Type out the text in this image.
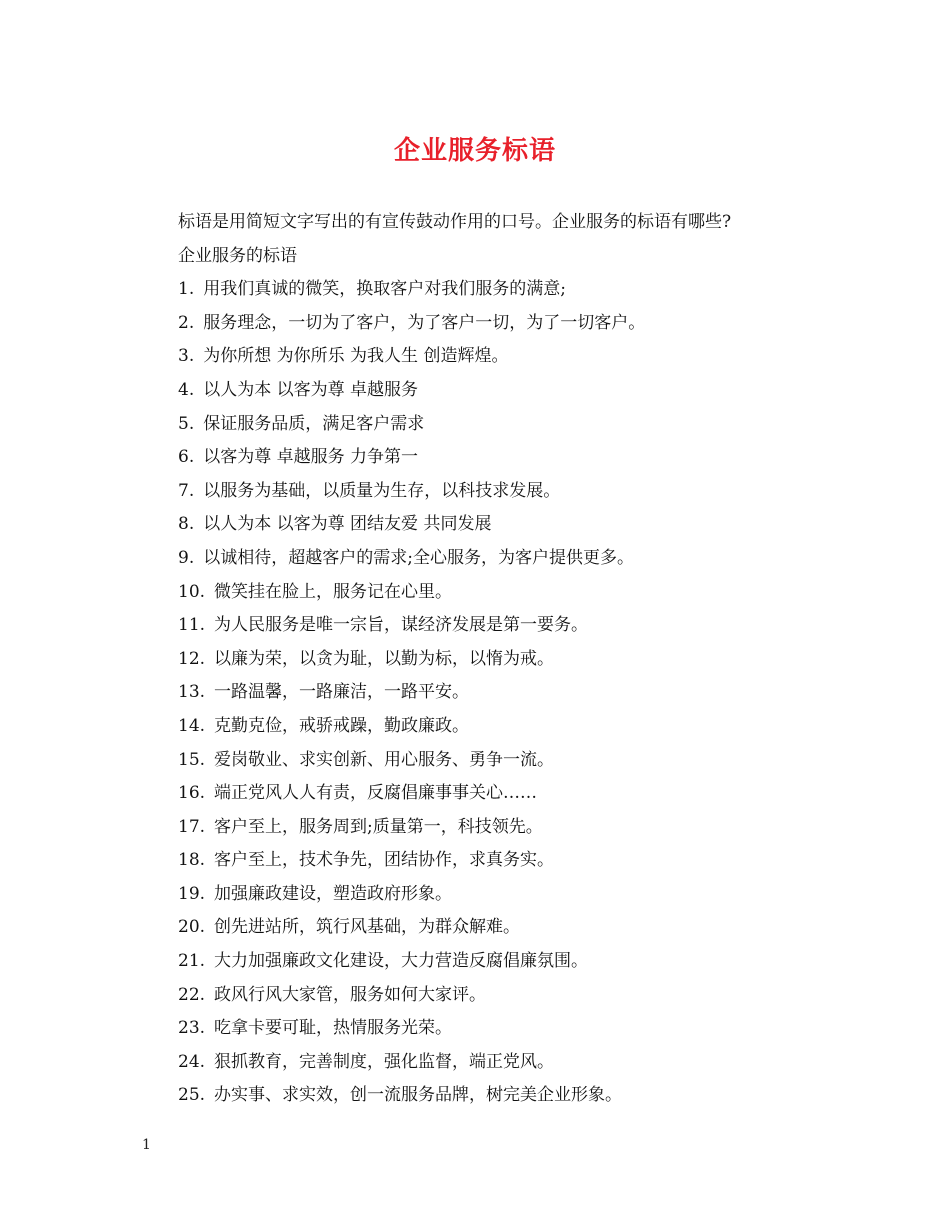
企业服务标语
标语是用简短文字写出的有宣传鼓动作用的口号。企业服务的标语有哪些?
企业服务的标语
1. 用我们真诚的微笑，换取客户对我们服务的满意;
2. 服务理念，一切为了客户，为了客户一切，为了一切客户。
3. 为你所想 为你所乐 为我人生 创造辉煌。
4. 以人为本 以客为尊 卓越服务
5. 保证服务品质，满足客户需求
6. 以客为尊 卓越服务 力争第一
7. 以服务为基础，以质量为生存，以科技求发展。
8. 以人为本 以客为尊 团结友爱 共同发展
9. 以诚相待，超越客户的需求;全心服务，为客户提供更多。
10. 微笑挂在脸上，服务记在心里。
11. 为人民服务是唯一宗旨，谋经济发展是第一要务。
12. 以廉为荣，以贪为耻，以勤为标，以惰为戒。
13. 一路温馨，一路廉洁，一路平安。
14. 克勤克俭，戒骄戒躁，勤政廉政。
15. 爱岗敬业、求实创新、用心服务、勇争一流。
16. 端正党风人人有责，反腐倡廉事事关心……
17. 客户至上，服务周到;质量第一，科技领先。
18. 客户至上，技术争先，团结协作，求真务实。
19. 加强廉政建设，塑造政府形象。
20. 创先进站所，筑行风基础，为群众解难。
21. 大力加强廉政文化建设，大力营造反腐倡廉氛围。
22. 政风行风大家管，服务如何大家评。
23. 吃拿卡要可耻，热情服务光荣。
24. 狠抓教育，完善制度，强化监督，端正党风。
25. 办实事、求实效，创一流服务品牌，树完美企业形象。
1
